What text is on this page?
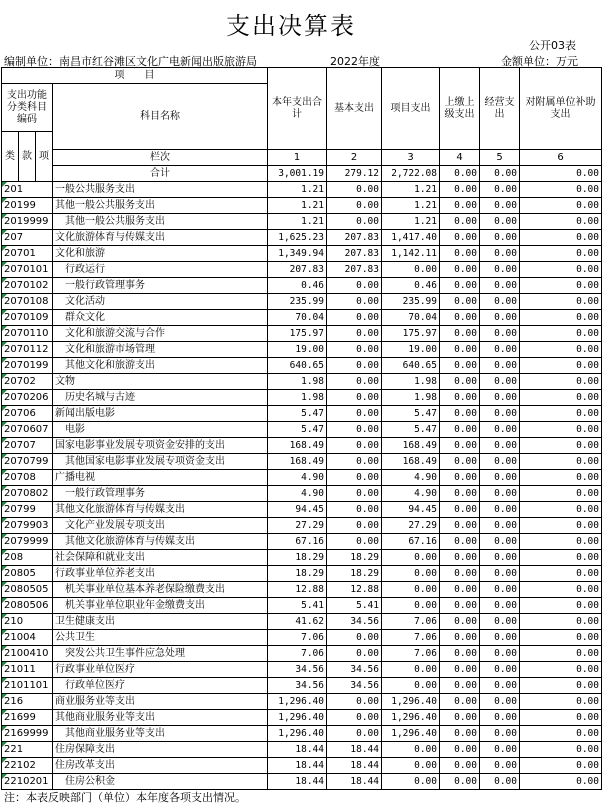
支出决算表
公开03表
编制单位：南昌市红谷滩区文化广电新闻出版旅游局	2022年度	金额单位：万元
项　　目				本年支出合计	基本支出	项目支出	上缴上级支出	经营支出	对附属单位补助支出
支出功能分类科目编码			科目名称						
类	款	项							
			栏次	1	2	3	4	5	6
			合计	3,001.19	279.12	2,722.08	0.00	0.00	0.00
201			一般公共服务支出	1.21	0.00	1.21	0.00	0.00	0.00
20199			其他一般公共服务支出	1.21	0.00	1.21	0.00	0.00	0.00
2019999			其他一般公共服务支出	1.21	0.00	1.21	0.00	0.00	0.00
207			文化旅游体育与传媒支出	1,625.23	207.83	1,417.40	0.00	0.00	0.00
20701			文化和旅游	1,349.94	207.83	1,142.11	0.00	0.00	0.00
2070101			行政运行	207.83	207.83	0.00	0.00	0.00	0.00
2070102			一般行政管理事务	0.46	0.00	0.46	0.00	0.00	0.00
2070108			文化活动	235.99	0.00	235.99	0.00	0.00	0.00
2070109			群众文化	70.04	0.00	70.04	0.00	0.00	0.00
2070110			文化和旅游交流与合作	175.97	0.00	175.97	0.00	0.00	0.00
2070112			文化和旅游市场管理	19.00	0.00	19.00	0.00	0.00	0.00
2070199			其他文化和旅游支出	640.65	0.00	640.65	0.00	0.00	0.00
20702			文物	1.98	0.00	1.98	0.00	0.00	0.00
2070206			历史名城与古迹	1.98	0.00	1.98	0.00	0.00	0.00
20706			新闻出版电影	5.47	0.00	5.47	0.00	0.00	0.00
2070607			电影	5.47	0.00	5.47	0.00	0.00	0.00
20707			国家电影事业发展专项资金安排的支出	168.49	0.00	168.49	0.00	0.00	0.00
2070799			其他国家电影事业发展专项资金支出	168.49	0.00	168.49	0.00	0.00	0.00
20708			广播电视	4.90	0.00	4.90	0.00	0.00	0.00
2070802			一般行政管理事务	4.90	0.00	4.90	0.00	0.00	0.00
20799			其他文化旅游体育与传媒支出	94.45	0.00	94.45	0.00	0.00	0.00
2079903			文化产业发展专项支出	27.29	0.00	27.29	0.00	0.00	0.00
2079999			其他文化旅游体育与传媒支出	67.16	0.00	67.16	0.00	0.00	0.00
208			社会保障和就业支出	18.29	18.29	0.00	0.00	0.00	0.00
20805			行政事业单位养老支出	18.29	18.29	0.00	0.00	0.00	0.00
2080505			机关事业单位基本养老保险缴费支出	12.88	12.88	0.00	0.00	0.00	0.00
2080506			机关事业单位职业年金缴费支出	5.41	5.41	0.00	0.00	0.00	0.00
210			卫生健康支出	41.62	34.56	7.06	0.00	0.00	0.00
21004			公共卫生	7.06	0.00	7.06	0.00	0.00	0.00
2100410			突发公共卫生事件应急处理	7.06	0.00	7.06	0.00	0.00	0.00
21011			行政事业单位医疗	34.56	34.56	0.00	0.00	0.00	0.00
2101101			行政单位医疗	34.56	34.56	0.00	0.00	0.00	0.00
216			商业服务业等支出	1,296.40	0.00	1,296.40	0.00	0.00	0.00
21699			其他商业服务业等支出	1,296.40	0.00	1,296.40	0.00	0.00	0.00
2169999			其他商业服务业等支出	1,296.40	0.00	1,296.40	0.00	0.00	0.00
221			住房保障支出	18.44	18.44	0.00	0.00	0.00	0.00
22102			住房改革支出	18.44	18.44	0.00	0.00	0.00	0.00
2210201			住房公积金	18.44	18.44	0.00	0.00	0.00	0.00
注：本表反映部门（单位）本年度各项支出情况。
